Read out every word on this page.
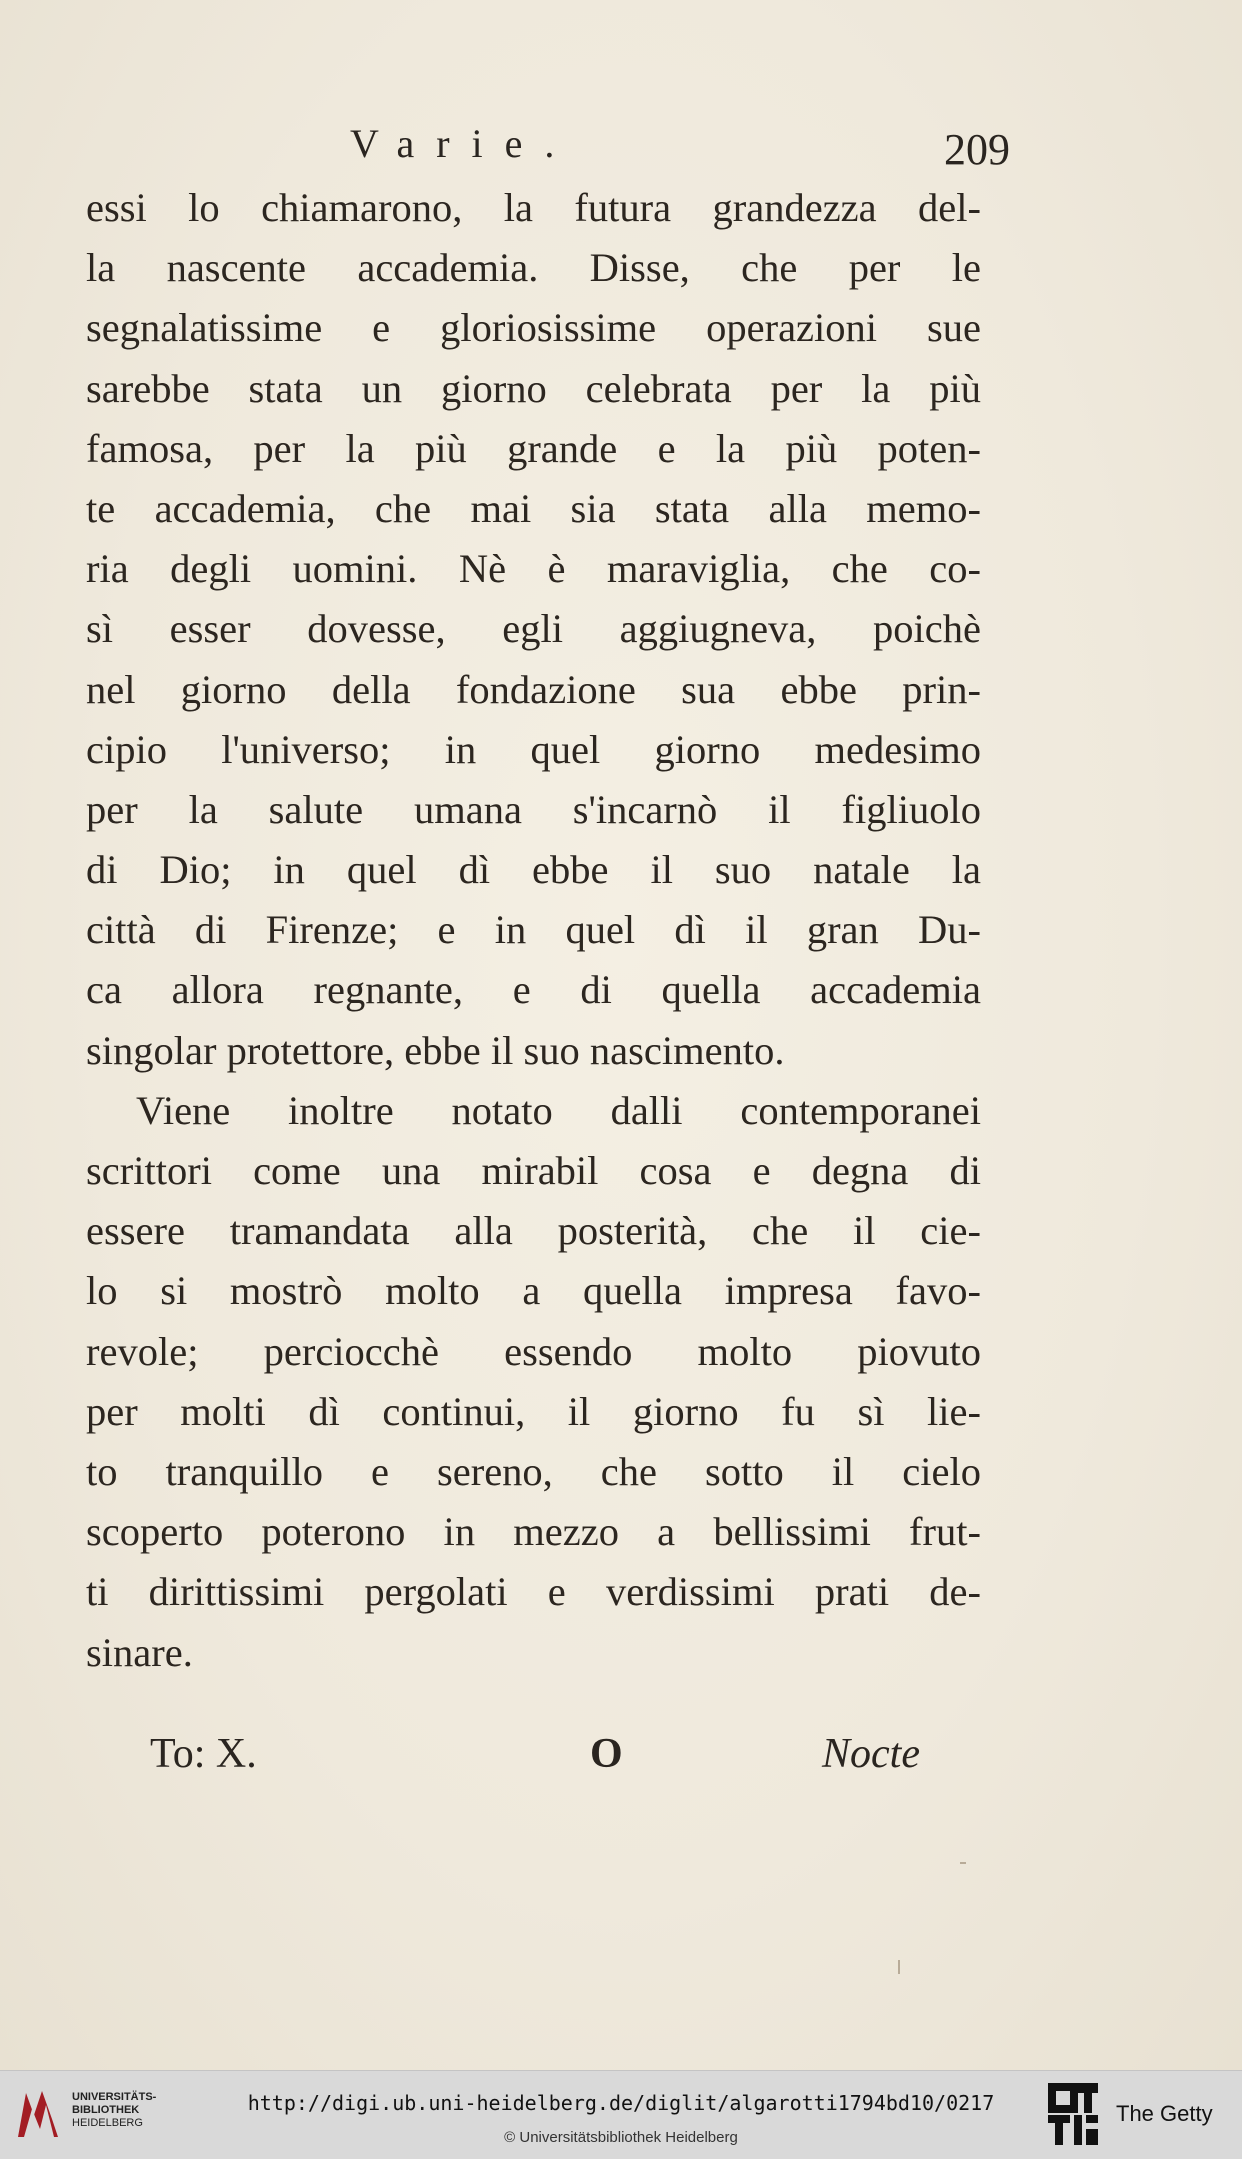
Varie.	209
essi lo chiamarono, la futura grandezza del-
la nascente accademia. Disse, che per le
segnalatissime e gloriosissime operazioni sue
sarebbe stata un giorno celebrata per la più
famosa, per la più grande e la più poten-
te accademia, che mai sia stata alla memo-
ria degli uomini. Nè è maraviglia, che co-
sì esser dovesse, egli aggiugneva, poichè
nel giorno della fondazione sua ebbe prin-
cipio l'universo; in quel giorno medesimo
per la salute umana s'incarnò il figliuolo
di Dio; in quel dì ebbe il suo natale la
città di Firenze; e in quel dì il gran Du-
ca allora regnante, e di quella accademia
singolar protettore, ebbe il suo nascimento.
Viene inoltre notato dalli contemporanei
scrittori come una mirabil cosa e degna di
essere tramandata alla posterità, che il cie-
lo si mostrò molto a quella impresa favo-
revole; perciocchè essendo molto piovuto
per molti dì continui, il giorno fu sì lie-
to tranquillo e sereno, che sotto il cielo
scoperto poterono in mezzo a bellissimi frut-
ti dirittissimi pergolati e verdissimi prati de-
sinare.
To: X.	O	Nocte
UNIVERSITÄTS-
BIBLIOTHEK
HEIDELBERG
http://digi.ub.uni-heidelberg.de/diglit/algarotti1794bd10/0217
© Universitätsbibliothek Heidelberg
The Getty
